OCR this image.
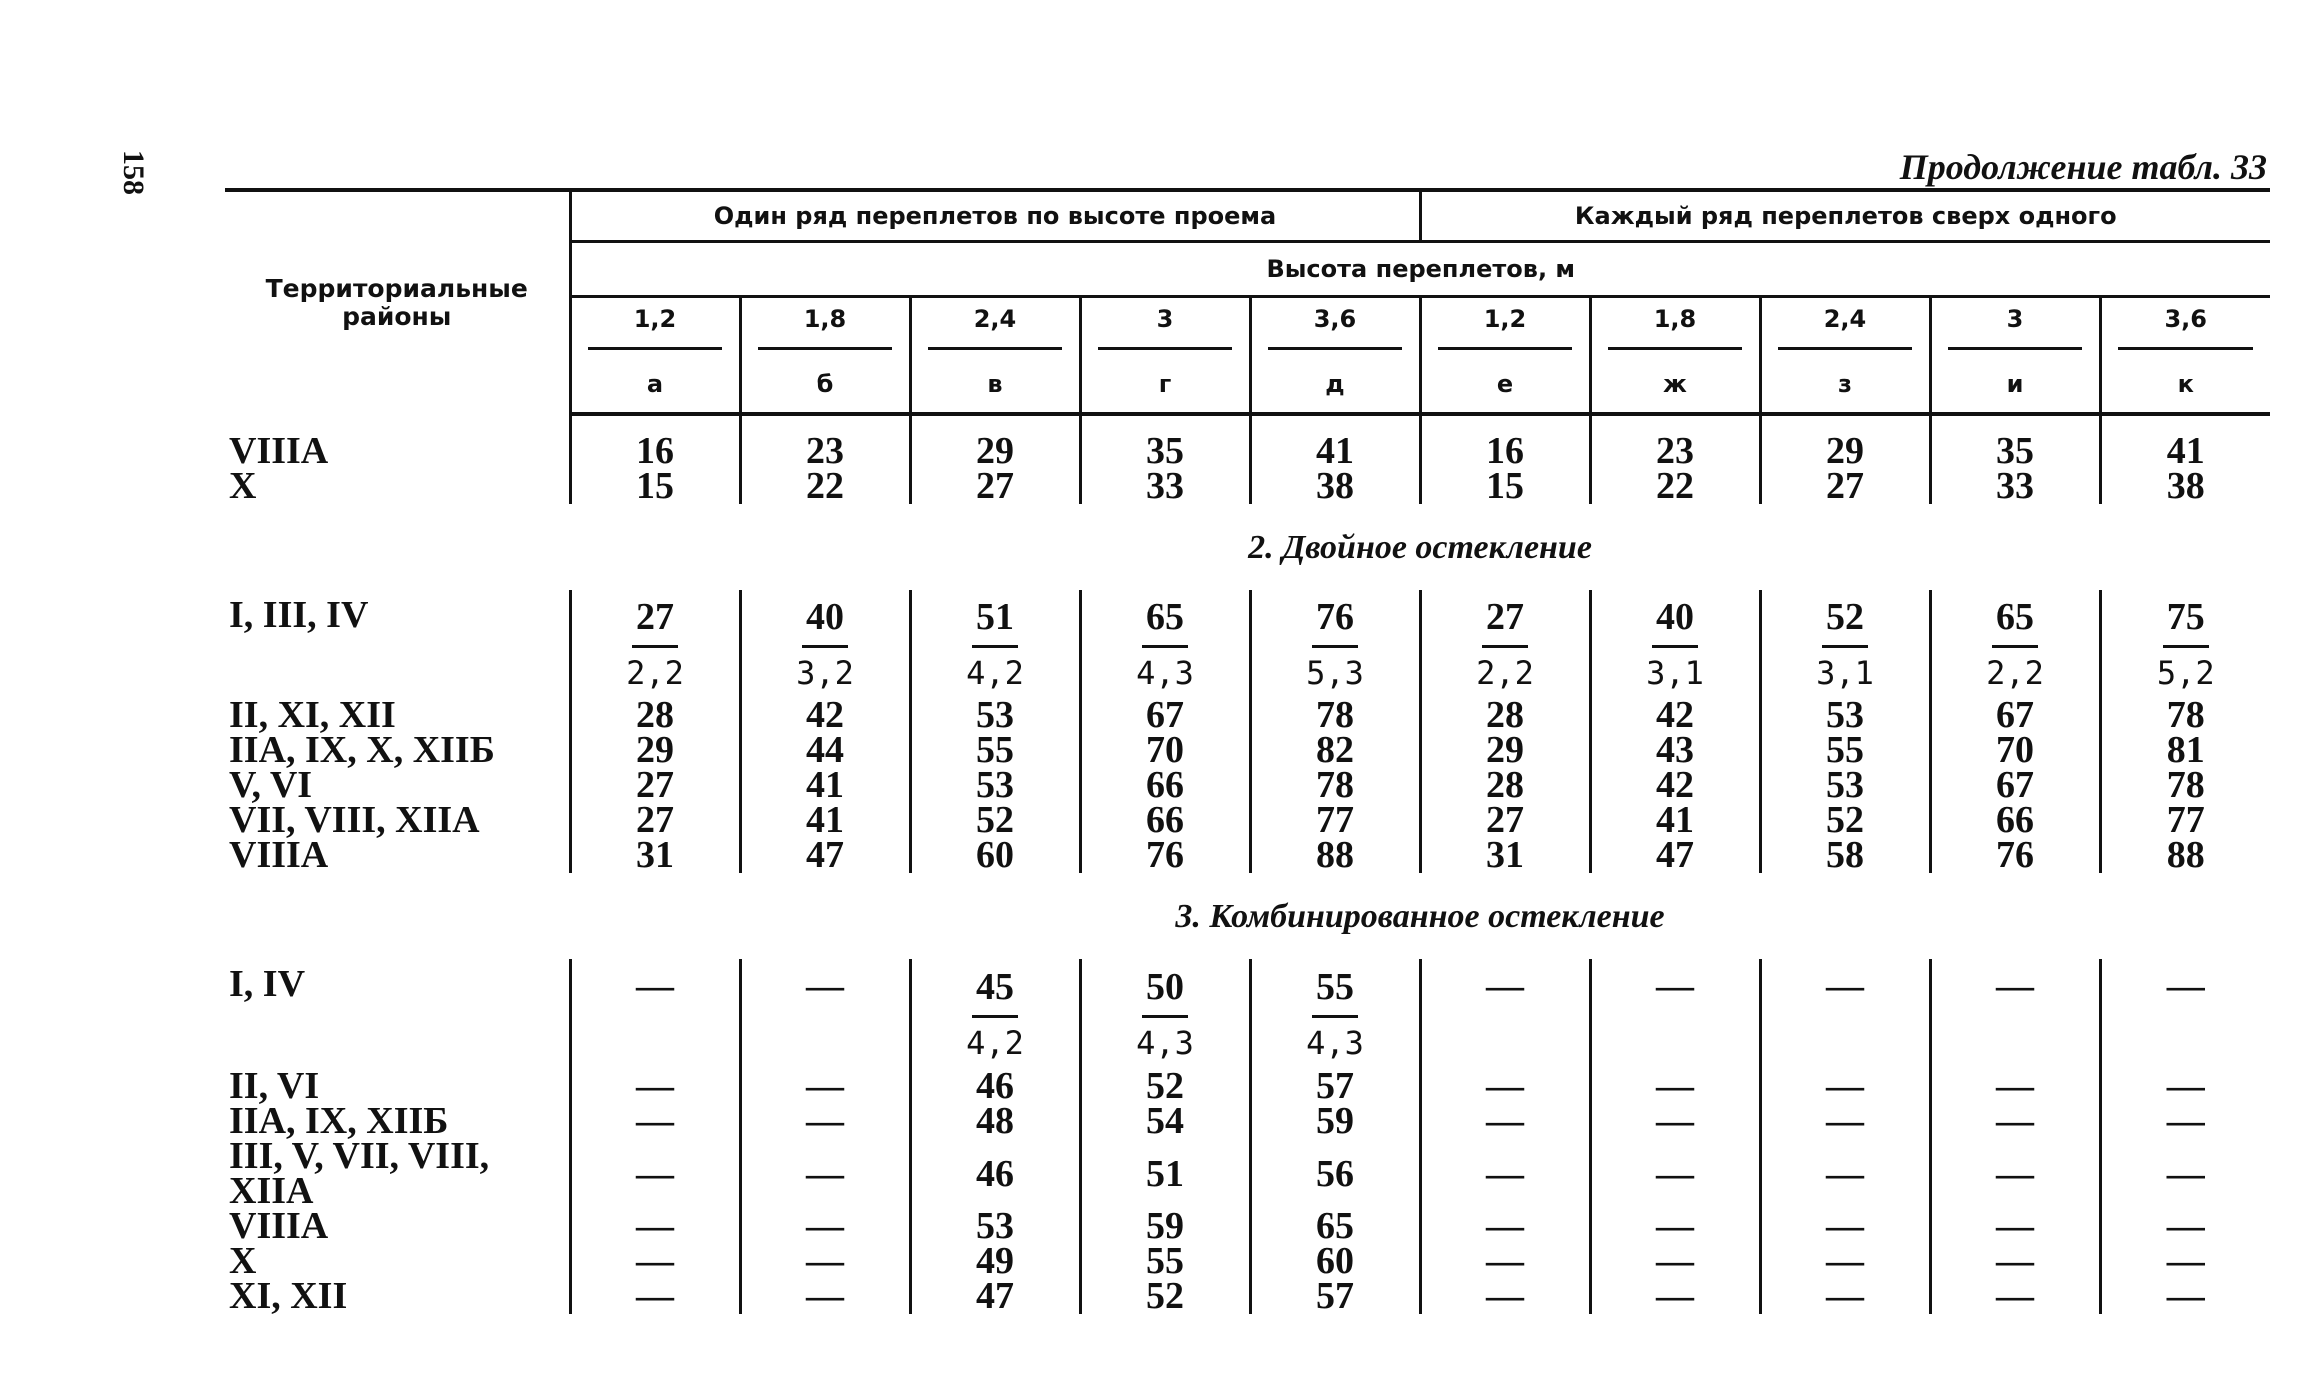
158	Продолжение табл. 33
Территориальные районы	Один ряд переплетов по высоте проема					Каждый ряд переплетов сверх одного				
	Высота переплетов, м									
	1,2	1,8	2,4	3	3,6	1,2	1,8	2,4	3	3,6
	а	б	в	г	д	е	ж	з	и	к

VIIIA	16	23	29	35	41	16	23	29	35	41
X	15	22	27	33	38	15	22	27	33	38
	2. Двойное остекление									
I, III, IV	$\frac{27}{2,2}$	$\frac{40}{3,2}$	$\frac{51}{4,2}$	$\frac{65}{4,3}$	$\frac{76}{5,3}$	$\frac{27}{2,2}$	$\frac{40}{3,1}$	$\frac{52}{3,1}$	$\frac{65}{2,2}$	$\frac{75}{5,2}$

II, XI, XII	28	42	53	67	78	28	42	53	67	78
IIA, IX, X, XIIБ	29	44	55	70	82	29	43	55	70	81
V, VI	27	41	53	66	78	28	42	53	67	78
VII, VIII, XIIA	27	41	52	66	77	27	41	52	66	77
VIIIA	31	47	60	76	88	31	47	58	76	88
	3. Комбинированное остекление									
I, IV	—	—	$\frac{45}{4,2}$	$\frac{50}{4,3}$	$\frac{55}{4,3}$	—	—	—	—	—
II, VI	—	—	46	52	57	—	—	—	—	—
IIA, IX, XIIБ	—	—	48	54	59	—	—	—	—	—
III, V, VII, VIII,
XIIA	—	—	46	51	56	—	—	—	—	—
VIIIA	—	—	53	59	65	—	—	—	—	—
X	—	—	49	55	60	—	—	—	—	—
XI, XII	—	—	47	52	57	—	—	—	—	—
